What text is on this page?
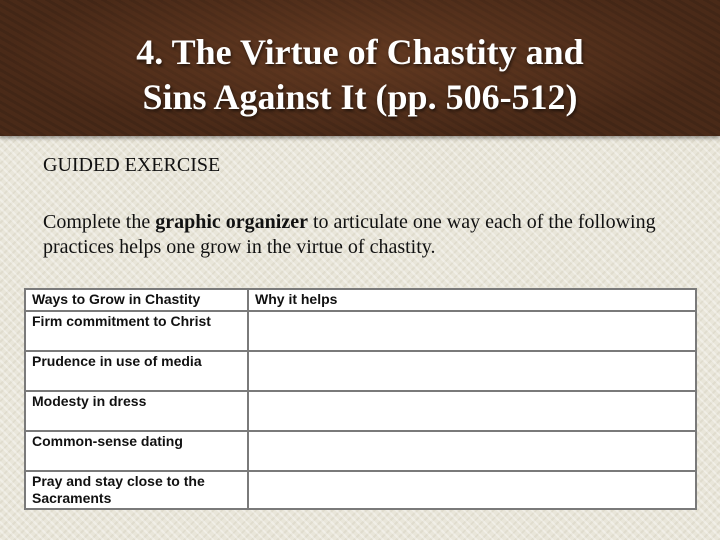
4. The Virtue of Chastity and
Sins Against It (pp. 506-512)
GUIDED EXERCISE
Complete the graphic organizer to articulate one way each of the following practices helps one grow in the virtue of chastity.
Ways to Grow in Chastity	Why it helps
Firm commitment to Christ	
Prudence in use of media	
Modesty in dress	
Common-sense dating	
Pray and stay close to the Sacraments	
